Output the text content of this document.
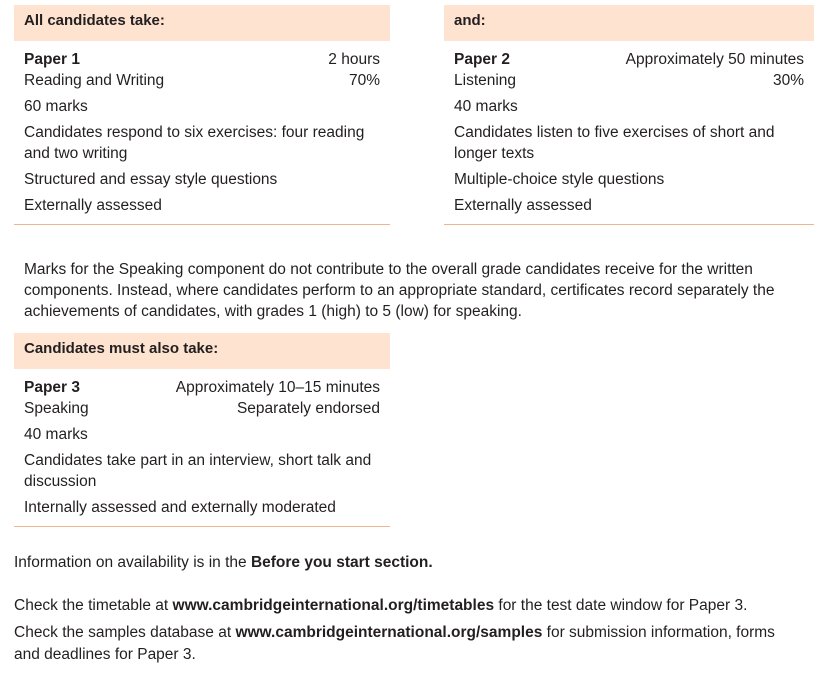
All candidates take:
Paper 1	2 hours
Reading and Writing	70%
60 marks
Candidates respond to six exercises: four reading and two writing
Structured and essay style questions
Externally assessed
and:
Paper 2	Approximately 50 minutes
Listening	30%
40 marks
Candidates listen to five exercises of short and longer texts
Multiple-choice style questions
Externally assessed
Marks for the Speaking component do not contribute to the overall grade candidates receive for the written components. Instead, where candidates perform to an appropriate standard, certificates record separately the achievements of candidates, with grades 1 (high) to 5 (low) for speaking.
Candidates must also take:
Paper 3	Approximately 10–15 minutes
Speaking	Separately endorsed
40 marks
Candidates take part in an interview, short talk and discussion
Internally assessed and externally moderated
Information on availability is in the Before you start section.
Check the timetable at www.cambridgeinternational.org/timetables for the test date window for Paper 3.
Check the samples database at www.cambridgeinternational.org/samples for submission information, forms and deadlines for Paper 3.
